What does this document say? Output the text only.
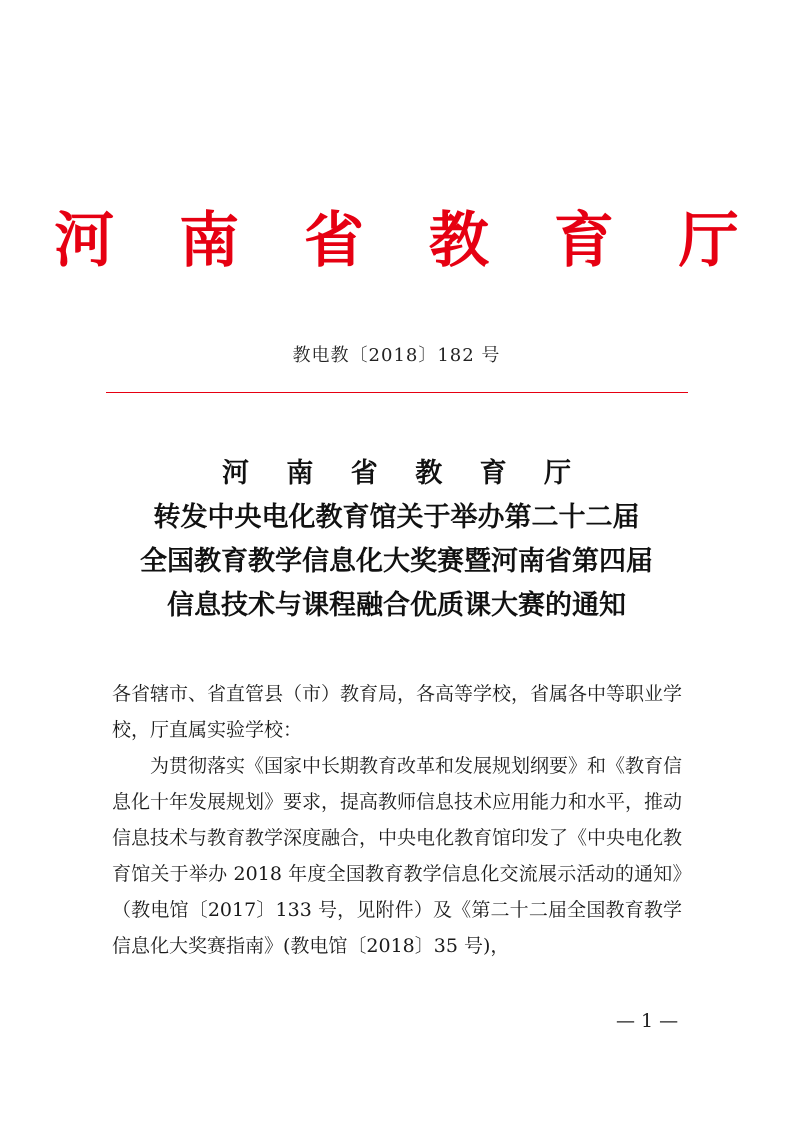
河 南 省 教 育 厅
教电教〔2018〕182 号
河 南 省 教 育 厅
转发中央电化教育馆关于举办第二十二届
全国教育教学信息化大奖赛暨河南省第四届
信息技术与课程融合优质课大赛的通知

各省辖市、省直管县（市）教育局，各高等学校，省属各中等职业学校，厅直属实验学校：

为贯彻落实《国家中长期教育改革和发展规划纲要》和《教育信息化十年发展规划》要求，提高教师信息技术应用能力和水平，推动信息技术与教育教学深度融合，中央电化教育馆印发了《中央电化教育馆关于举办 2018 年度全国教育教学信息化交流展示活动的通知》（教电馆〔2017〕133 号，见附件）及《第二十二届全国教育教学信息化大奖赛指南》(教电馆〔2018〕35 号)，

— 1 —
